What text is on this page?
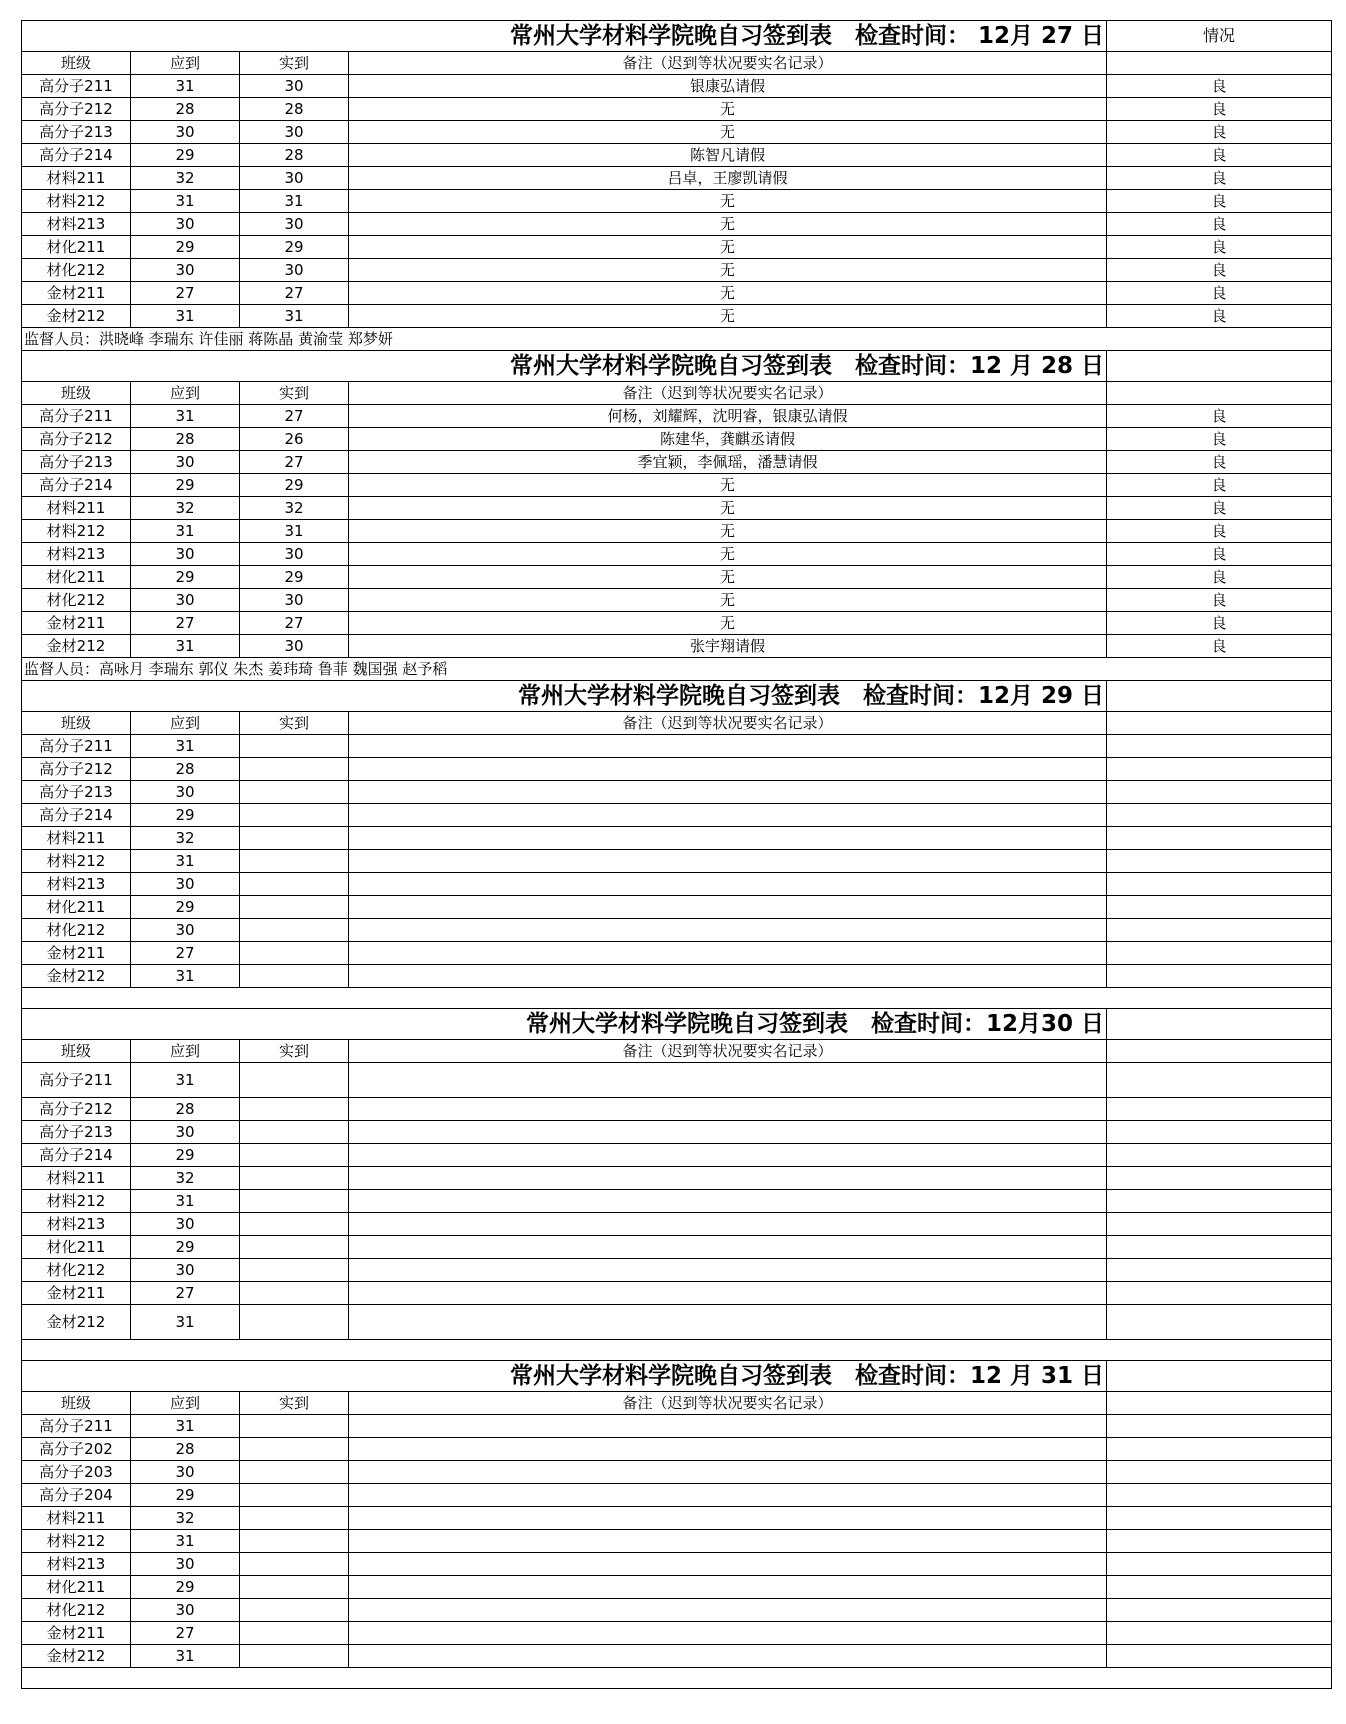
常州大学材料学院晚自习签到表　检查时间： 12月 27 日				情况
班级	应到	实到	备注（迟到等状况要实名记录）	
高分子211	31	30	银康弘请假	良
高分子212	28	28	无	良
高分子213	30	30	无	良
高分子214	29	28	陈智凡请假	良
材料211	32	30	吕卓，王廖凯请假	良
材料212	31	31	无	良
材料213	30	30	无	良
材化211	29	29	无	良
材化212	30	30	无	良
金材211	27	27	无	良
金材212	31	31	无	良
监督人员：洪晓峰 李瑞东 许佳丽 蒋陈晶 黄渝莹 郑梦妍				
常州大学材料学院晚自习签到表　检查时间：12 月 28 日				
班级	应到	实到	备注（迟到等状况要实名记录）	
高分子211	31	27	何杨，刘耀辉，沈明睿，银康弘请假	良
高分子212	28	26	陈建华，龚麒丞请假	良
高分子213	30	27	季宜颖，李佩瑶，潘慧请假	良
高分子214	29	29	无	良
材料211	32	32	无	良
材料212	31	31	无	良
材料213	30	30	无	良
材化211	29	29	无	良
材化212	30	30	无	良
金材211	27	27	无	良
金材212	31	30	张宇翔请假	良
监督人员：高咏月 李瑞东 郭仪 朱杰 姜玮琦 鲁菲 魏国强 赵予稻				
常州大学材料学院晚自习签到表　检查时间：12月 29 日				
班级	应到	实到	备注（迟到等状况要实名记录）	
高分子211	31			
高分子212	28			
高分子213	30			
高分子214	29			
材料211	32			
材料212	31			
材料213	30			
材化211	29			
材化212	30			
金材211	27			
金材212	31			

常州大学材料学院晚自习签到表　检查时间：12月30 日				
班级	应到	实到	备注（迟到等状况要实名记录）	
高分子211	31			
高分子212	28			
高分子213	30			
高分子214	29			
材料211	32			
材料212	31			
材料213	30			
材化211	29			
材化212	30			
金材211	27			
金材212	31			

常州大学材料学院晚自习签到表　检查时间：12 月 31 日				
班级	应到	实到	备注（迟到等状况要实名记录）	
高分子211	31			
高分子202	28			
高分子203	30			
高分子204	29			
材料211	32			
材料212	31			
材料213	30			
材化211	29			
材化212	30			
金材211	27			
金材212	31			
